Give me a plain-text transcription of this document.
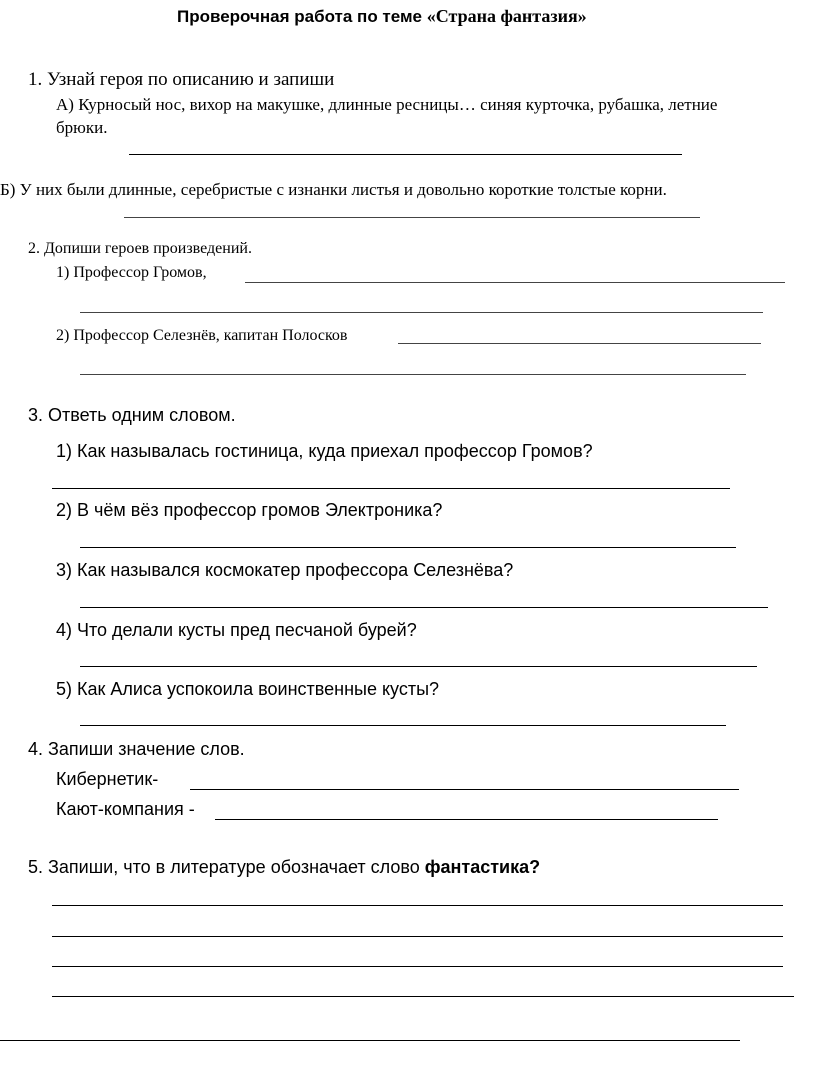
Проверочная работа по теме «Страна фантазия»
1. Узнай героя по описанию и запиши
А) Курносый нос, вихор на макушке, длинные ресницы… синяя курточка, рубашка, летние
брюки.
Б) У них были длинные, серебристые с изнанки листья и довольно короткие толстые корни.
2. Допиши героев произведений.
1) Профессор Громов,
2) Профессор Селезнёв, капитан Полосков
3. Ответь одним словом.
1) Как называлась гостиница, куда приехал профессор Громов?
2) В чём вёз профессор громов Электроника?
3) Как назывался космокатер профессора Селезнёва?
4) Что делали кусты пред песчаной бурей?
5) Как Алиса успокоила воинственные кусты?
4. Запиши значение слов.
Кибернетик-
Кают-компания -
5. Запиши, что в литературе обозначает слово фантастика?
